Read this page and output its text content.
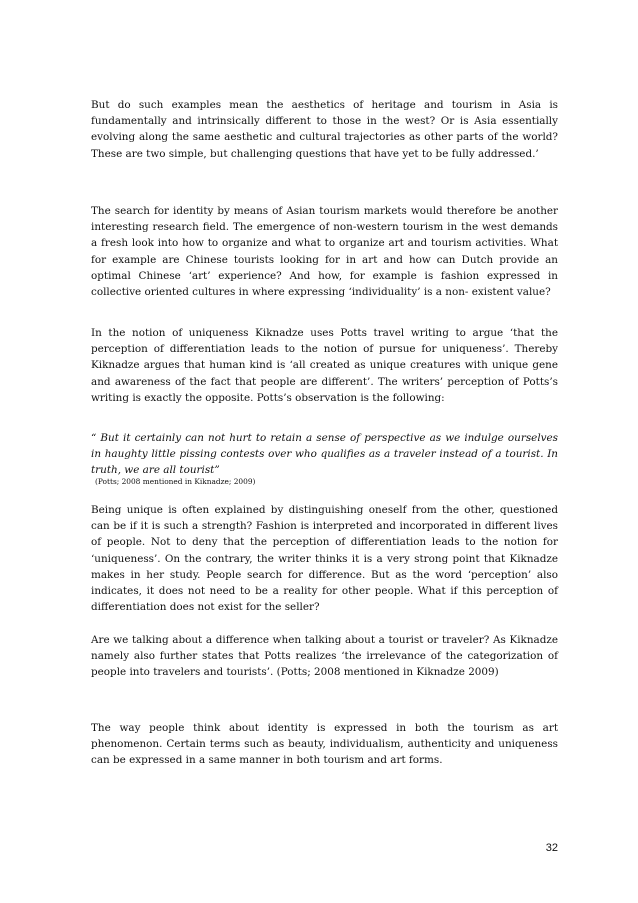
But do such examples mean the aesthetics of heritage and tourism in Asia is fundamentally and intrinsically different to those in the west? Or is Asia essentially evolving along the same aesthetic and cultural trajectories as other parts of the world? These are two simple, but challenging questions that have yet to be fully addressed.’

The search for identity by means of Asian tourism markets would therefore be another interesting research field. The emergence of non-western tourism in the west demands a fresh look into how to organize and what to organize art and tourism activities. What for example are Chinese tourists looking for in art and how can Dutch provide an optimal Chinese ‘art’ experience? And how, for example is fashion expressed in collective oriented cultures in where expressing ‘individuality’ is a non- existent value?

In the notion of uniqueness Kiknadze uses Potts travel writing to argue ‘that the perception of differentiation leads to the notion of pursue for uniqueness’. Thereby Kiknadze argues that human kind is ‘all created as unique creatures with unique gene and awareness of the fact that people are different’. The writers’ perception of Potts’s writing is exactly the opposite. Potts’s observation is the following:

“ But it certainly can not hurt to retain a sense of perspective as we indulge ourselves in haughty little pissing contests over who qualifies as a traveler instead of a tourist. In truth, we are all tourist”

(Potts; 2008 mentioned in Kiknadze; 2009)

Being unique is often explained by distinguishing oneself from the other, questioned can be if it is such a strength? Fashion is interpreted and incorporated in different lives of people. Not to deny that the perception of differentiation leads to the notion for ‘uniqueness’. On the contrary, the writer thinks it is a very strong point that Kiknadze makes in her study. People search for difference. But as the word ‘perception’ also indicates, it does not need to be a reality for other people. What if this perception of differentiation does not exist for the seller?

Are we talking about a difference when talking about a tourist or traveler? As Kiknadze namely also further states that Potts realizes ‘the irrelevance of the categorization of people into travelers and tourists’. (Potts; 2008 mentioned in Kiknadze 2009)

The way people think about identity is expressed in both the tourism as art phenomenon. Certain terms such as beauty, individualism, authenticity and uniqueness can be expressed in a same manner in both tourism and art forms.

32
